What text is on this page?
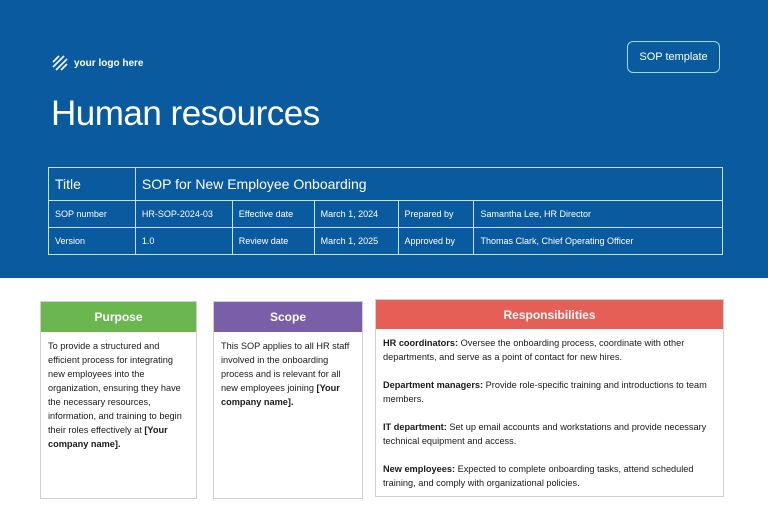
your logo here	SOP template
Human resources
Title	SOP for New Employee Onboarding				
SOP number	HR-SOP-2024-03	Effective date	March 1, 2024	Prepared by	Samantha Lee, HR Director
Version	1.0	Review date	March 1, 2025	Approved by	Thomas Clark, Chief Operating Officer
Purpose
To provide a structured and efficient process for integrating new employees into the organization, ensuring they have the necessary resources, information, and training to begin their roles effectively at [Your company name].
Scope
This SOP applies to all HR staff involved in the onboarding process and is relevant for all new employees joining [Your company name].
Responsibilities
HR coordinators: Oversee the onboarding process, coordinate with other departments, and serve as a point of contact for new hires.
Department managers: Provide role-specific training and introductions to team members.
IT department: Set up email accounts and workstations and provide necessary technical equipment and access.
New employees: Expected to complete onboarding tasks, attend scheduled training, and comply with organizational policies.
